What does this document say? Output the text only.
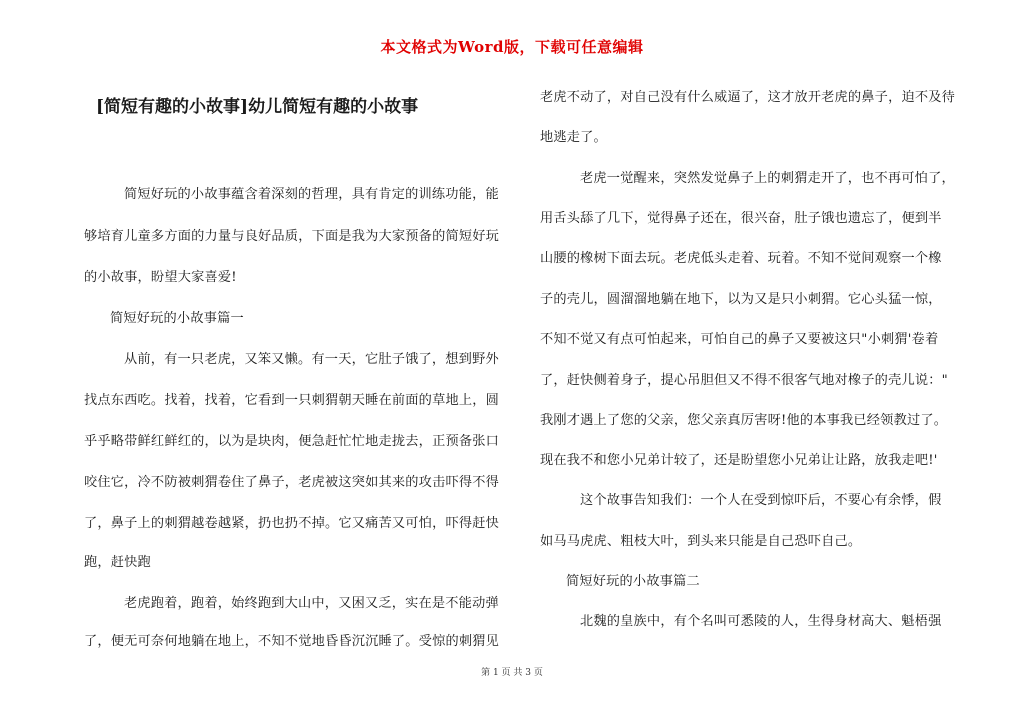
本文格式为Word版，下载可任意编辑
[简短有趣的小故事]幼儿简短有趣的小故事

简短好玩的小故事蕴含着深刻的哲理，具有肯定的训练功能，能

够培育儿童多方面的力量与良好品质，下面是我为大家预备的简短好玩

的小故事，盼望大家喜爱!

简短好玩的小故事篇一

从前，有一只老虎，又笨又懒。有一天，它肚子饿了，想到野外

找点东西吃。找着，找着，它看到一只刺猬朝天睡在前面的草地上，圆

乎乎略带鲜红鲜红的，以为是块肉，便急赶忙忙地走拢去，正预备张口

咬住它，冷不防被刺猬卷住了鼻子，老虎被这突如其来的攻击吓得不得

了，鼻子上的刺猬越卷越紧，扔也扔不掉。它又痛苦又可怕，吓得赶快

跑，赶快跑

老虎跑着，跑着，始终跑到大山中，又困又乏，实在是不能动弹

了，便无可奈何地躺在地上，不知不觉地昏昏沉沉睡了。受惊的刺猬见

老虎不动了，对自己没有什么威逼了，这才放开老虎的鼻子，迫不及待

地逃走了。

老虎一觉醒来，突然发觉鼻子上的刺猬走开了，也不再可怕了，

用舌头舔了几下，觉得鼻子还在，很兴奋，肚子饿也遗忘了，便到半

山腰的橡树下面去玩。老虎低头走着、玩着。不知不觉间观察一个橡

子的壳儿，圆溜溜地躺在地下，以为又是只小刺猬。它心头猛一惊，

不知不觉又有点可怕起来，可怕自己的鼻子又要被这只"小刺猬'卷着

了，赶快侧着身子，提心吊胆但又不得不很客气地对橡子的壳儿说："

我刚才遇上了您的父亲，您父亲真厉害呀!他的本事我已经领教过了。

现在我不和您小兄弟计较了，还是盼望您小兄弟让让路，放我走吧!'

这个故事告知我们：一个人在受到惊吓后，不要心有余悸，假

如马马虎虎、粗枝大叶，到头来只能是自己恐吓自己。

简短好玩的小故事篇二

北魏的皇族中，有个名叫可悉陵的人，生得身材高大、魁梧强

第 1 页 共 3 页
